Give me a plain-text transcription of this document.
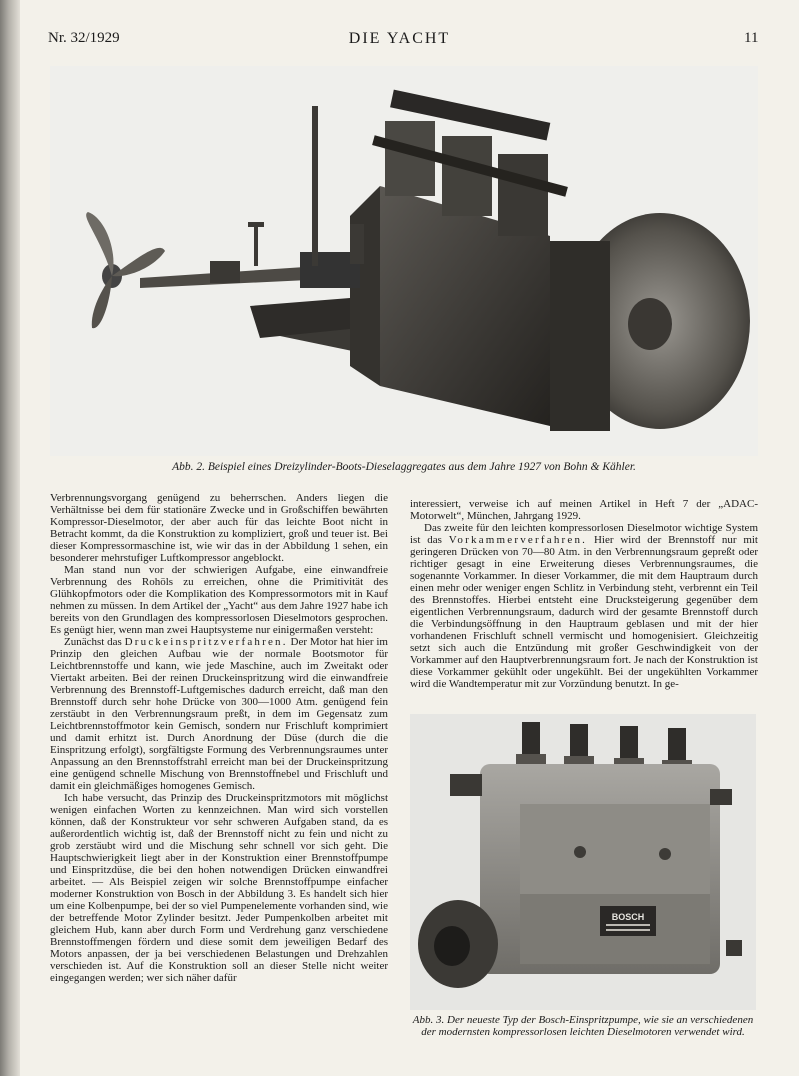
Nr. 32/1929	DIE YACHT	11
Abb. 2. Beispiel eines Dreizylinder-Boots-Dieselaggregates aus dem Jahre 1927 von Bohn & Kähler.

Verbrennungsvorgang genügend zu beherrschen. Anders liegen die Verhältnisse bei dem für stationäre Zwecke und in Großschiffen bewährten Kompressor-Dieselmotor, der aber auch für das leichte Boot nicht in Betracht kommt, da die Konstruktion zu kompliziert, groß und teuer ist. Bei dieser Kompressormaschine ist, wie wir das in der Abbildung 1 sehen, ein besonderer mehrstufiger Luftkompressor angeblockt.

Man stand nun vor der schwierigen Aufgabe, eine einwandfreie Verbrennung des Rohöls zu erreichen, ohne die Primitivität des Glühkopfmotors oder die Komplikation des Kompressormotors mit in Kauf nehmen zu müssen. In dem Artikel der „Yacht“ aus dem Jahre 1927 habe ich bereits von den Grundlagen des kompressorlosen Dieselmotors gesprochen. Es genügt hier, wenn man zwei Hauptsysteme nur einigermaßen versteht:

Zunächst das Druckeinspritzverfahren. Der Motor hat hier im Prinzip den gleichen Aufbau wie der normale Bootsmotor für Leichtbrennstoffe und kann, wie jede Maschine, auch im Zweitakt oder Viertakt arbeiten. Bei der reinen Druckeinspritzung wird die einwandfreie Verbrennung des Brennstoff-Luftgemisches dadurch erreicht, daß man den Brennstoff durch sehr hohe Drücke von 300—1000 Atm. genügend fein zerstäubt in den Verbrennungsraum preßt, in dem im Gegensatz zum Leichtbrennstoffmotor kein Gemisch, sondern nur Frischluft komprimiert und damit erhitzt ist. Durch Anordnung der Düse (durch die die Einspritzung erfolgt), sorgfältigste Formung des Verbrennungsraumes unter Anpassung an den Brennstoffstrahl erreicht man bei der Druckeinspritzung eine genügend schnelle Mischung von Brennstoffnebel und Frischluft und damit ein gleichmäßiges homogenes Gemisch.

Ich habe versucht, das Prinzip des Druckeinspritzmotors mit möglichst wenigen einfachen Worten zu kennzeichnen. Man wird sich vorstellen können, daß der Konstrukteur vor sehr schweren Aufgaben stand, da es außerordentlich wichtig ist, daß der Brennstoff nicht zu fein und nicht zu grob zerstäubt wird und die Mischung sehr schnell vor sich geht. Die Hauptschwierigkeit liegt aber in der Konstruktion einer Brennstoffpumpe und Einspritzdüse, die bei den hohen notwendigen Drücken einwandfrei arbeitet. — Als Beispiel zeigen wir solche Brennstoffpumpe einfacher moderner Konstruktion von Bosch in der Abbildung 3. Es handelt sich hier um eine Kolbenpumpe, bei der so viel Pumpenelemente vorhanden sind, wie der betreffende Motor Zylinder besitzt. Jeder Pumpenkolben arbeitet mit gleichem Hub, kann aber durch Form und Verdrehung ganz verschiedene Brennstoffmengen fördern und diese somit dem jeweiligen Bedarf des Motors anpassen, der ja bei verschiedenen Belastungen und Drehzahlen verschieden ist. Auf die Konstruktion soll an dieser Stelle nicht weiter eingegangen werden; wer sich näher dafür

interessiert, verweise ich auf meinen Artikel in Heft 7 der „ADAC-Motorwelt“, München, Jahrgang 1929.

Das zweite für den leichten kompressorlosen Dieselmotor wichtige System ist das Vorkammerverfahren. Hier wird der Brennstoff nur mit geringeren Drücken von 70—80 Atm. in den Verbrennungsraum gepreßt oder richtiger gesagt in eine Erweiterung dieses Verbrennungsraumes, die sogenannte Vorkammer. In dieser Vorkammer, die mit dem Hauptraum durch einen mehr oder weniger engen Schlitz in Verbindung steht, verbrennt ein Teil des Brennstoffes. Hierbei entsteht eine Drucksteigerung gegenüber dem eigentlichen Verbrennungsraum, dadurch wird der gesamte Brennstoff durch die Verbindungsöffnung in den Hauptraum geblasen und mit der hier vorhandenen Frischluft schnell vermischt und homogenisiert. Gleichzeitig setzt sich auch die Entzündung mit großer Geschwindigkeit von der Vorkammer auf den Hauptverbrennungsraum fort. Je nach der Konstruktion ist diese Vorkammer gekühlt oder ungekühlt. Bei der ungekühlten Vorkammer wird die Wandtemperatur mit zur Vorzündung benutzt. In ge-

BOSCH
Abb. 3. Der neueste Typ der Bosch-Einspritzpumpe, wie sie an verschiedenen der modernsten kompressorlosen leichten Dieselmotoren verwendet wird.
